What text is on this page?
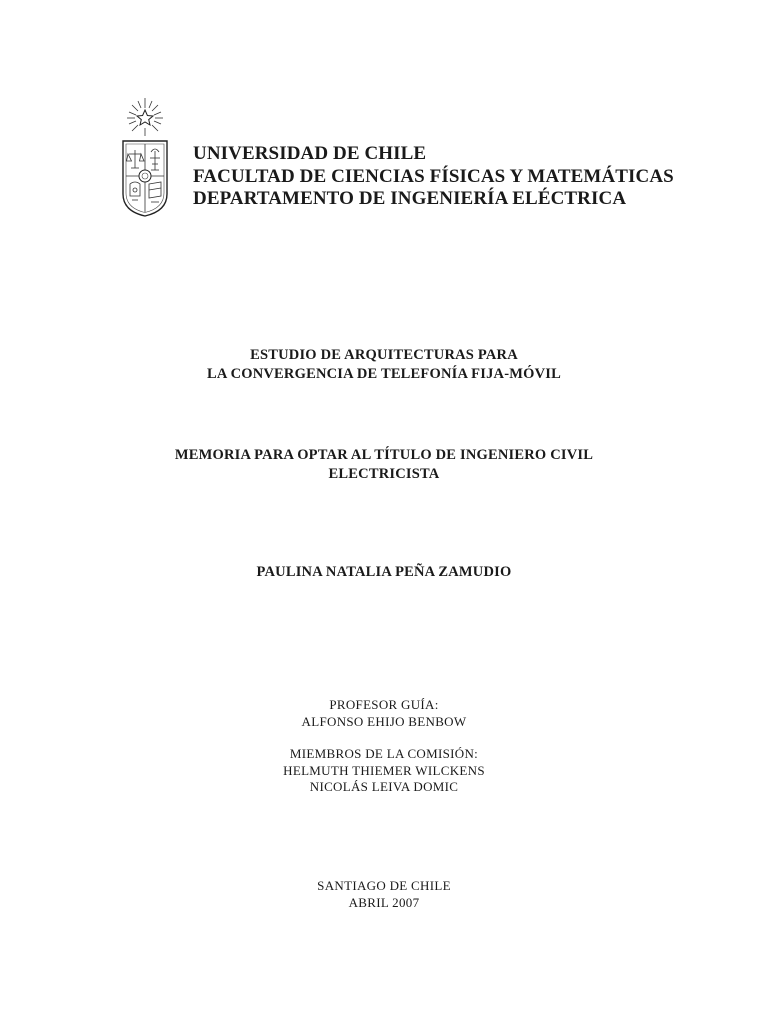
UNIVERSIDAD DE CHILE
FACULTAD DE CIENCIAS FÍSICAS Y MATEMÁTICAS
DEPARTAMENTO DE INGENIERÍA ELÉCTRICA
ESTUDIO DE ARQUITECTURAS PARA
LA CONVERGENCIA DE TELEFONÍA FIJA-MÓVIL
MEMORIA PARA OPTAR AL TÍTULO DE INGENIERO CIVIL
ELECTRICISTA
PAULINA NATALIA PEÑA ZAMUDIO
PROFESOR GUÍA:
ALFONSO EHIJO BENBOW
MIEMBROS DE LA COMISIÓN:
HELMUTH THIEMER WILCKENS
NICOLÁS LEIVA DOMIC
SANTIAGO DE CHILE
ABRIL 2007
